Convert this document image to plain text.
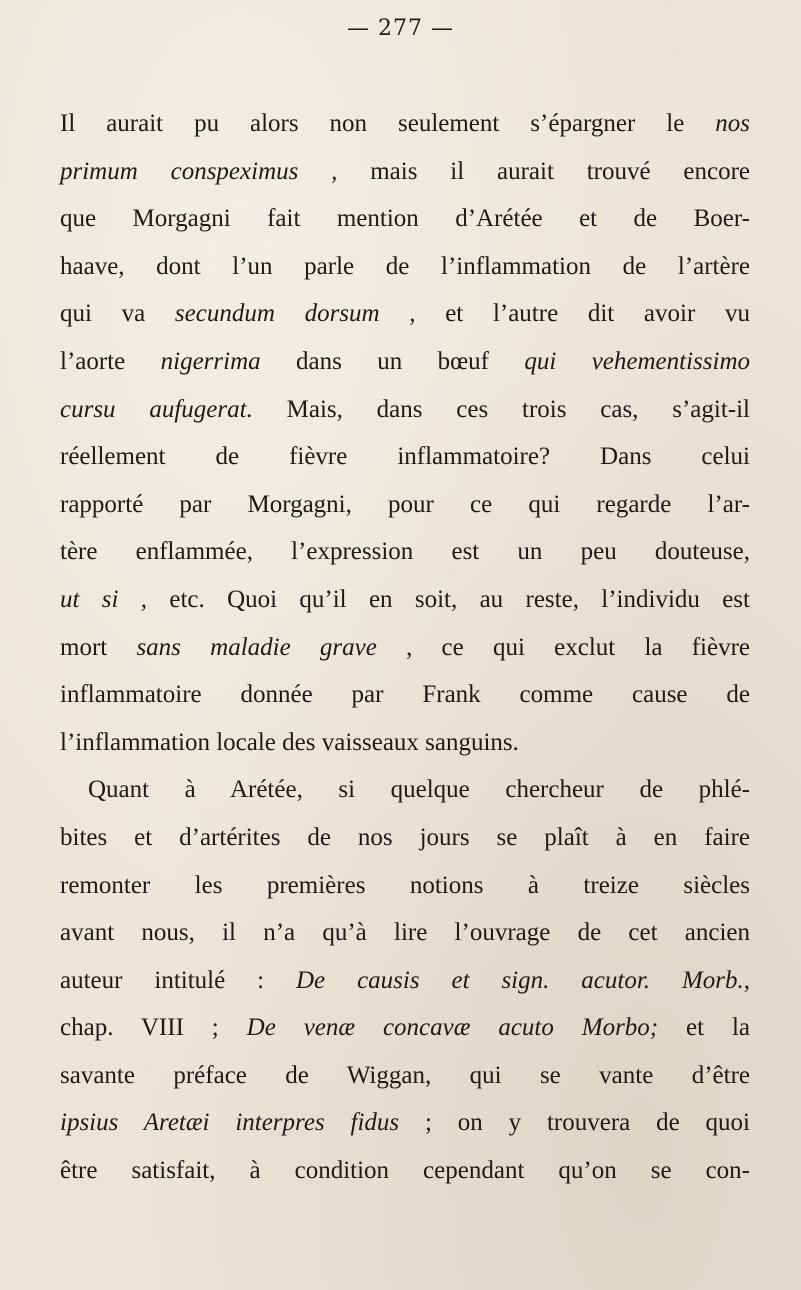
— 277 —
Il aurait pu alors non seulement s’épargner le nos
primum conspeximus , mais il aurait trouvé encore
que Morgagni fait mention d’Arétée et de Boer-
haave, dont l’un parle de l’inflammation de l’artère
qui va secundum dorsum , et l’autre dit avoir vu
l’aorte nigerrima dans un bœuf qui vehementissimo
cursu aufugerat. Mais, dans ces trois cas, s’agit-il
réellement de fièvre inflammatoire? Dans celui
rapporté par Morgagni, pour ce qui regarde l’ar-
tère enflammée, l’expression est un peu douteuse,
ut si , etc. Quoi qu’il en soit, au reste, l’individu est
mort sans maladie grave , ce qui exclut la fièvre
inflammatoire donnée par Frank comme cause de
l’inflammation locale des vaisseaux sanguins.
Quant à Arétée, si quelque chercheur de phlé-
bites et d’artérites de nos jours se plaît à en faire
remonter les premières notions à treize siècles
avant nous, il n’a qu’à lire l’ouvrage de cet ancien
auteur intitulé : De causis et sign. acutor. Morb.,
chap. VIII ; De venæ concavæ acuto Morbo; et la
savante préface de Wiggan, qui se vante d’être
ipsius Aretæi interpres fidus ; on y trouvera de quoi
être satisfait, à condition cependant qu’on se con-
